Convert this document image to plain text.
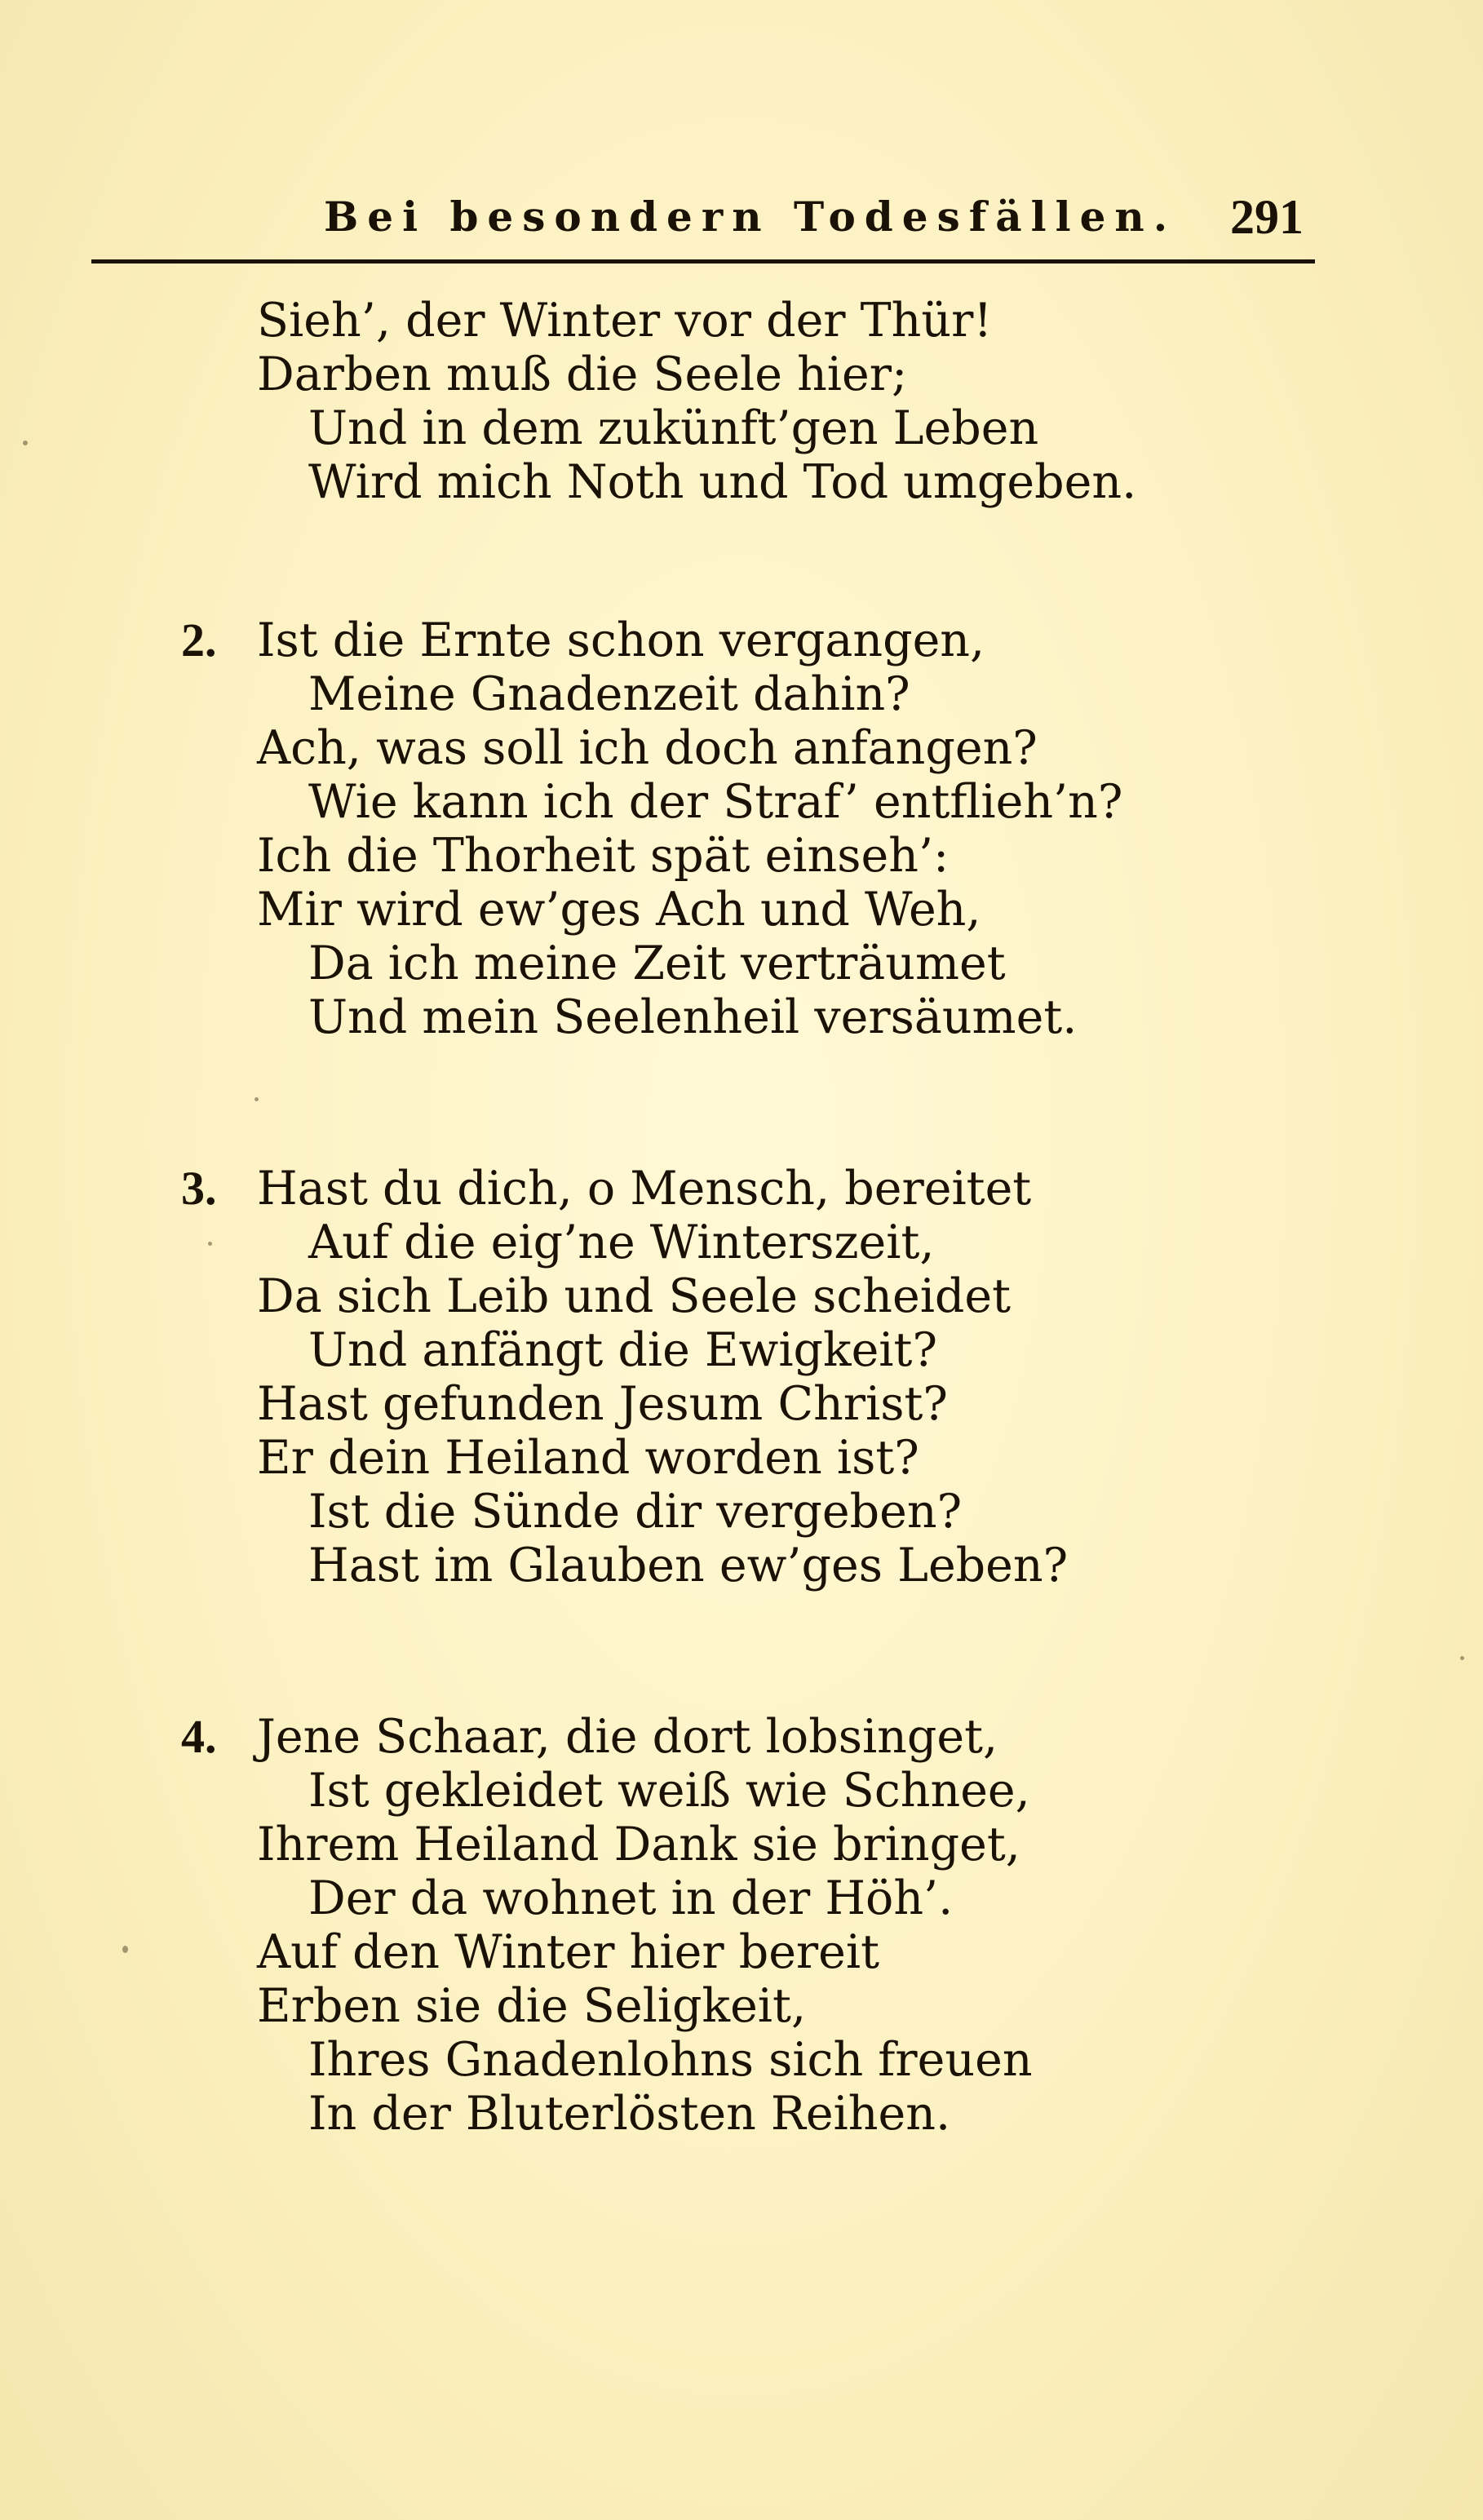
Bei besondern Todesfällen. 291
Sieh’, der Winter vor der Thür!
Darben muß die Seele hier;
Und in dem zukünft’gen Leben
Wird mich Noth und Tod umgeben.
2. Ist die Ernte schon vergangen,
Meine Gnadenzeit dahin?
Ach, was soll ich doch anfangen?
Wie kann ich der Straf’ entflieh’n?
Ich die Thorheit spät einseh’:
Mir wird ew’ges Ach und Weh,
Da ich meine Zeit verträumet
Und mein Seelenheil versäumet.
3. Hast du dich, o Mensch, bereitet
Auf die eig’ne Winterszeit,
Da sich Leib und Seele scheidet
Und anfängt die Ewigkeit?
Hast gefunden Jesum Christ?
Er dein Heiland worden ist?
Ist die Sünde dir vergeben?
Hast im Glauben ew’ges Leben?
4. Jene Schaar, die dort lobsinget,
Ist gekleidet weiß wie Schnee,
Ihrem Heiland Dank sie bringet,
Der da wohnet in der Höh’.
Auf den Winter hier bereit
Erben sie die Seligkeit,
Ihres Gnadenlohns sich freuen
In der Bluterlösten Reihen.
